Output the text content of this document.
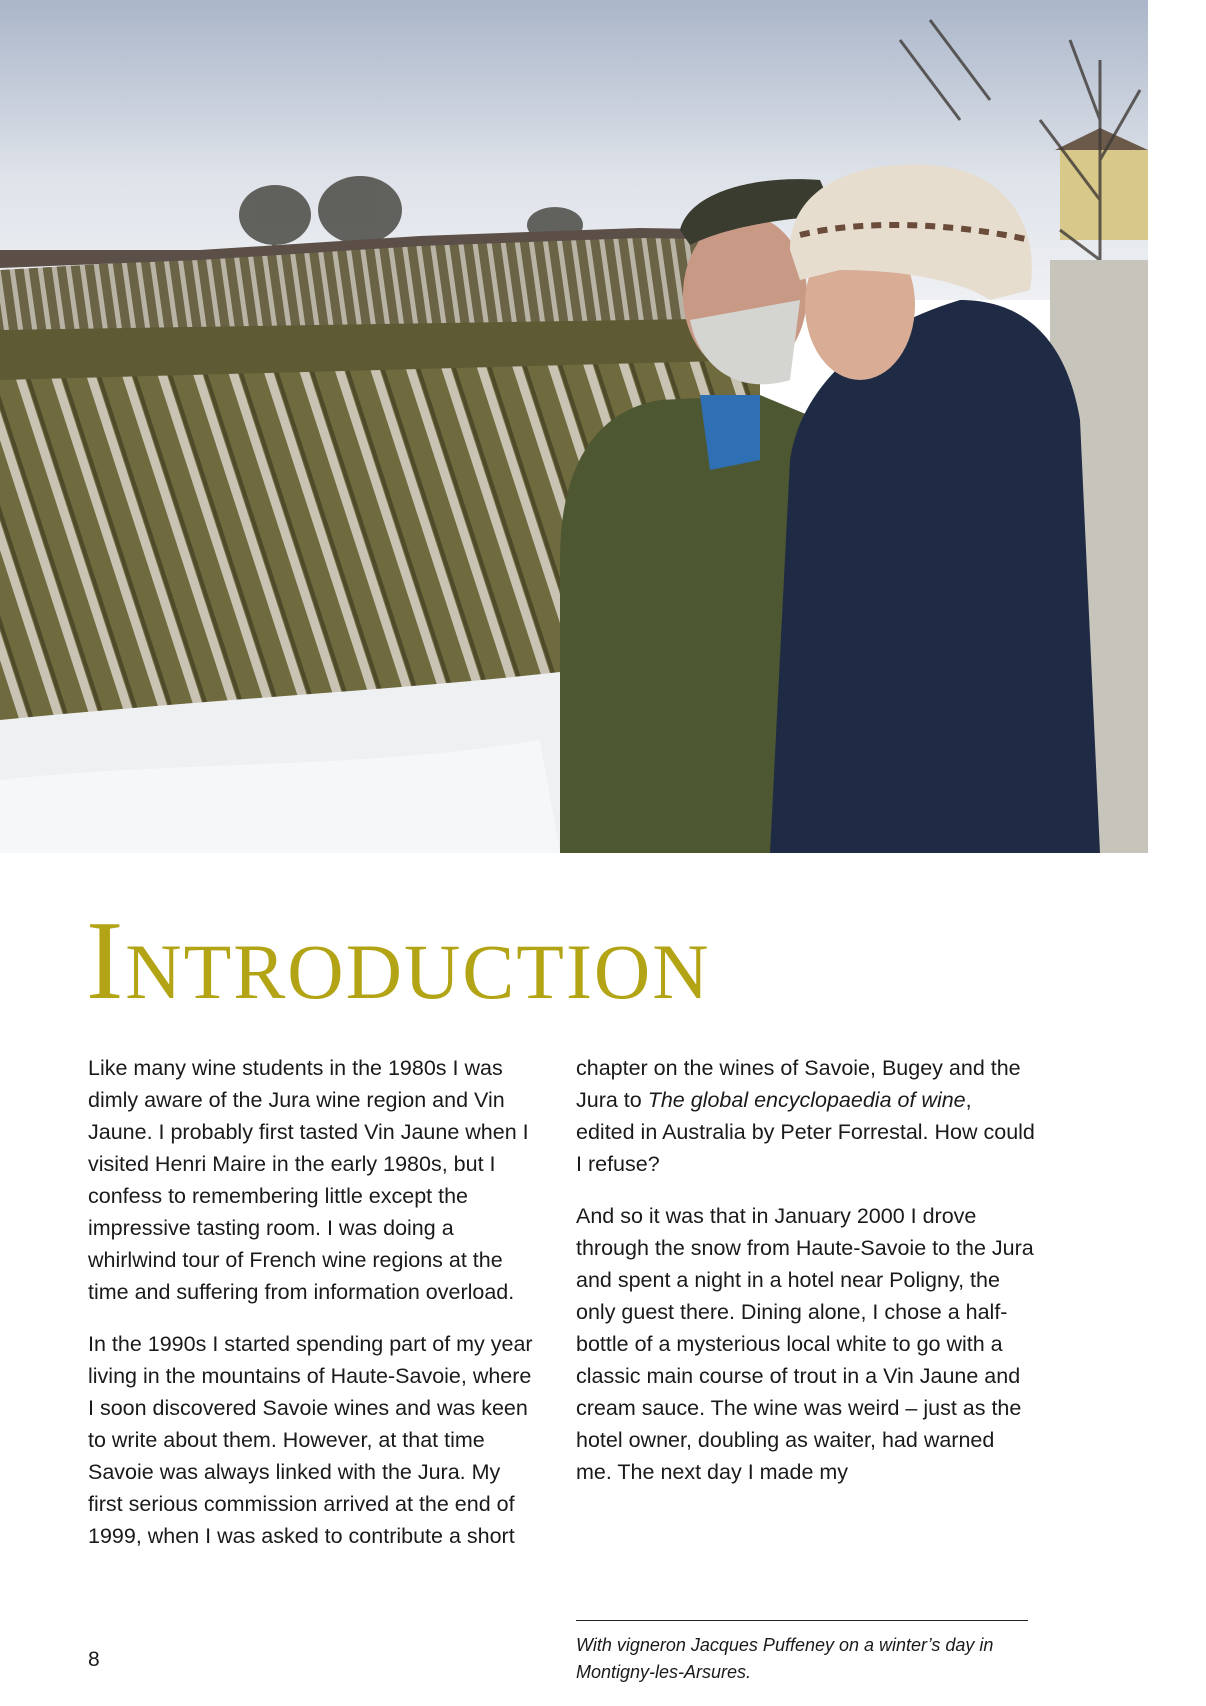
Introduction

Like many wine students in the 1980s I was dimly aware of the Jura wine region and Vin Jaune. I probably first tasted Vin Jaune when I visited Henri Maire in the early 1980s, but I confess to remembering little except the impressive tasting room. I was doing a whirlwind tour of French wine regions at the time and suffering from information overload.

In the 1990s I started spending part of my year living in the mountains of Haute-Savoie, where I soon discovered Savoie wines and was keen to write about them. However, at that time Savoie was always linked with the Jura. My first serious commission arrived at the end of 1999, when I was asked to contribute a short

chapter on the wines of Savoie, Bugey and the Jura to The global encyclopaedia of wine, edited in Australia by Peter Forrestal. How could I refuse?

And so it was that in January 2000 I drove through the snow from Haute-Savoie to the Jura and spent a night in a hotel near Poligny, the only guest there. Dining alone, I chose a half-bottle of a mysterious local white to go with a classic main course of trout in a Vin Jaune and cream sauce. The wine was weird – just as the hotel owner, doubling as waiter, had warned me. The next day I made my

With vigneron Jacques Puffeney on a winter’s day in Montigny-les-Arsures.
8
